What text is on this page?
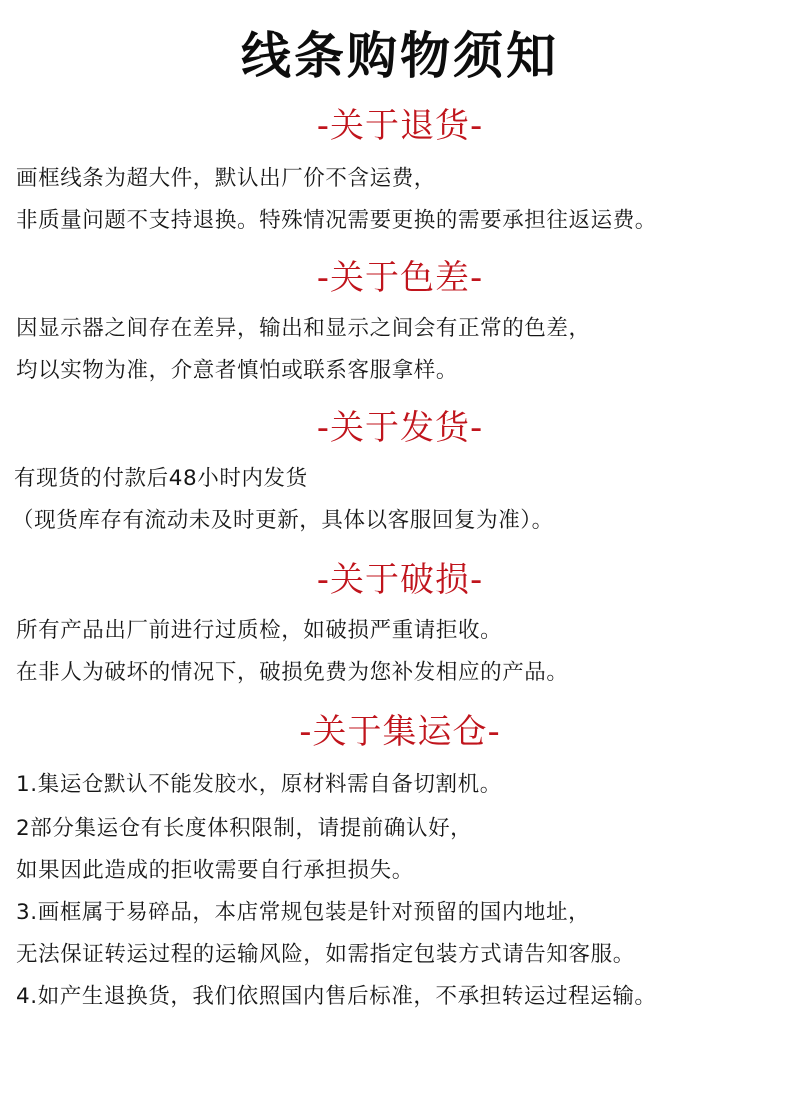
线条购物须知
-关于退货-
画框线条为超大件，默认出厂价不含运费，
非质量问题不支持退换。特殊情况需要更换的需要承担往返运费。
-关于色差-
因显示器之间存在差异，输出和显示之间会有正常的色差，
均以实物为准，介意者慎怕或联系客服拿样。
-关于发货-
有现货的付款后48小时内发货
（现货库存有流动未及时更新，具体以客服回复为准）。
-关于破损-
所有产品出厂前进行过质检，如破损严重请拒收。
在非人为破坏的情况下，破损免费为您补发相应的产品。
-关于集运仓-
1.集运仓默认不能发胶水，原材料需自备切割机。
2部分集运仓有长度体积限制，请提前确认好，
如果因此造成的拒收需要自行承担损失。
3.画框属于易碎品，本店常规包装是针对预留的国内地址，
无法保证转运过程的运输风险，如需指定包装方式请告知客服。
4.如产生退换货，我们依照国内售后标准，不承担转运过程运输。
